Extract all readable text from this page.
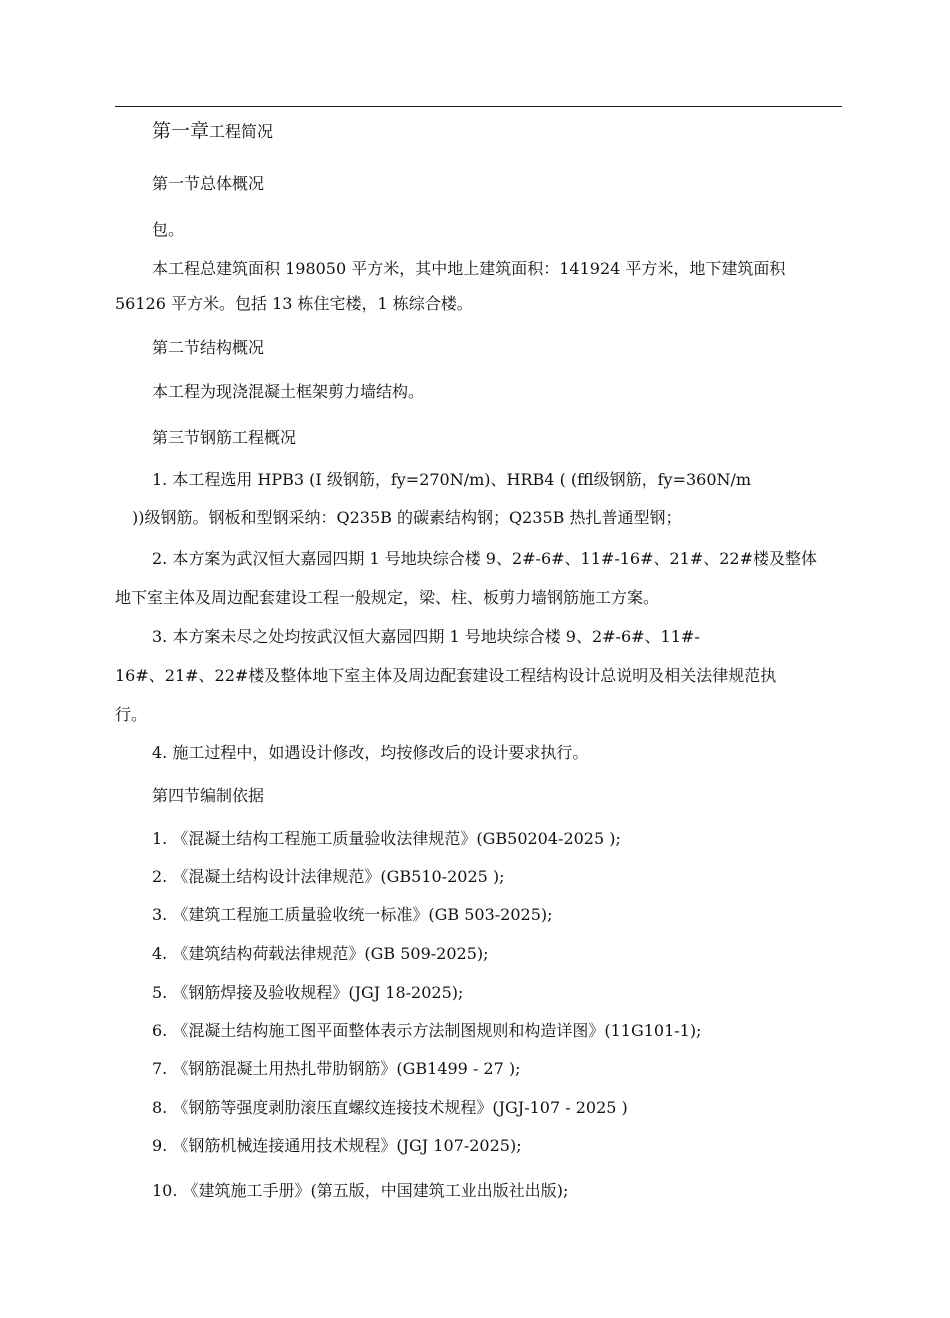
第一章工程简况
第一节总体概况
包。
本工程总建筑面积 198050 平方米，其中地上建筑面积：141924 平方米，地下建筑面积
56126 平方米。包括 13 栋住宅楼，1 栋综合楼。
第二节结构概况
本工程为现浇混凝土框架剪力墙结构。
第三节钢筋工程概况
1. 本工程选用 HPB3 (I 级钢筋，fy=270N/m)、HRB4 ( (ffl级钢筋，fy=360N/m
))级钢筋。钢板和型钢采纳：Q235B 的碳素结构钢；Q235B 热扎普通型钢；
2. 本方案为武汉恒大嘉园四期 1 号地块综合楼 9、2#-6#、11#-16#、21#、22#楼及整体
地下室主体及周边配套建设工程一般规定，梁、柱、板剪力墙钢筋施工方案。
3. 本方案未尽之处均按武汉恒大嘉园四期 1 号地块综合楼 9、2#-6#、11#-
16#、21#、22#楼及整体地下室主体及周边配套建设工程结构设计总说明及相关法律规范执
行。
4. 施工过程中，如遇设计修改，均按修改后的设计要求执行。
第四节编制依据
1. 《混凝土结构工程施工质量验收法律规范》(GB50204-2025 );
2. 《混凝土结构设计法律规范》(GB510-2025 );
3. 《建筑工程施工质量验收统一标准》(GB 503-2025);
4. 《建筑结构荷载法律规范》(GB 509-2025);
5. 《钢筋焊接及验收规程》(JGJ 18-2025);
6. 《混凝土结构施工图平面整体表示方法制图规则和构造详图》(11G101-1);
7. 《钢筋混凝土用热扎带肋钢筋》(GB1499 - 27 );
8. 《钢筋等强度剥肋滚压直螺纹连接技术规程》(JGJ-107 - 2025 )
9. 《钢筋机械连接通用技术规程》(JGJ 107-2025);
10. 《建筑施工手册》(第五版，中国建筑工业出版社出版);
